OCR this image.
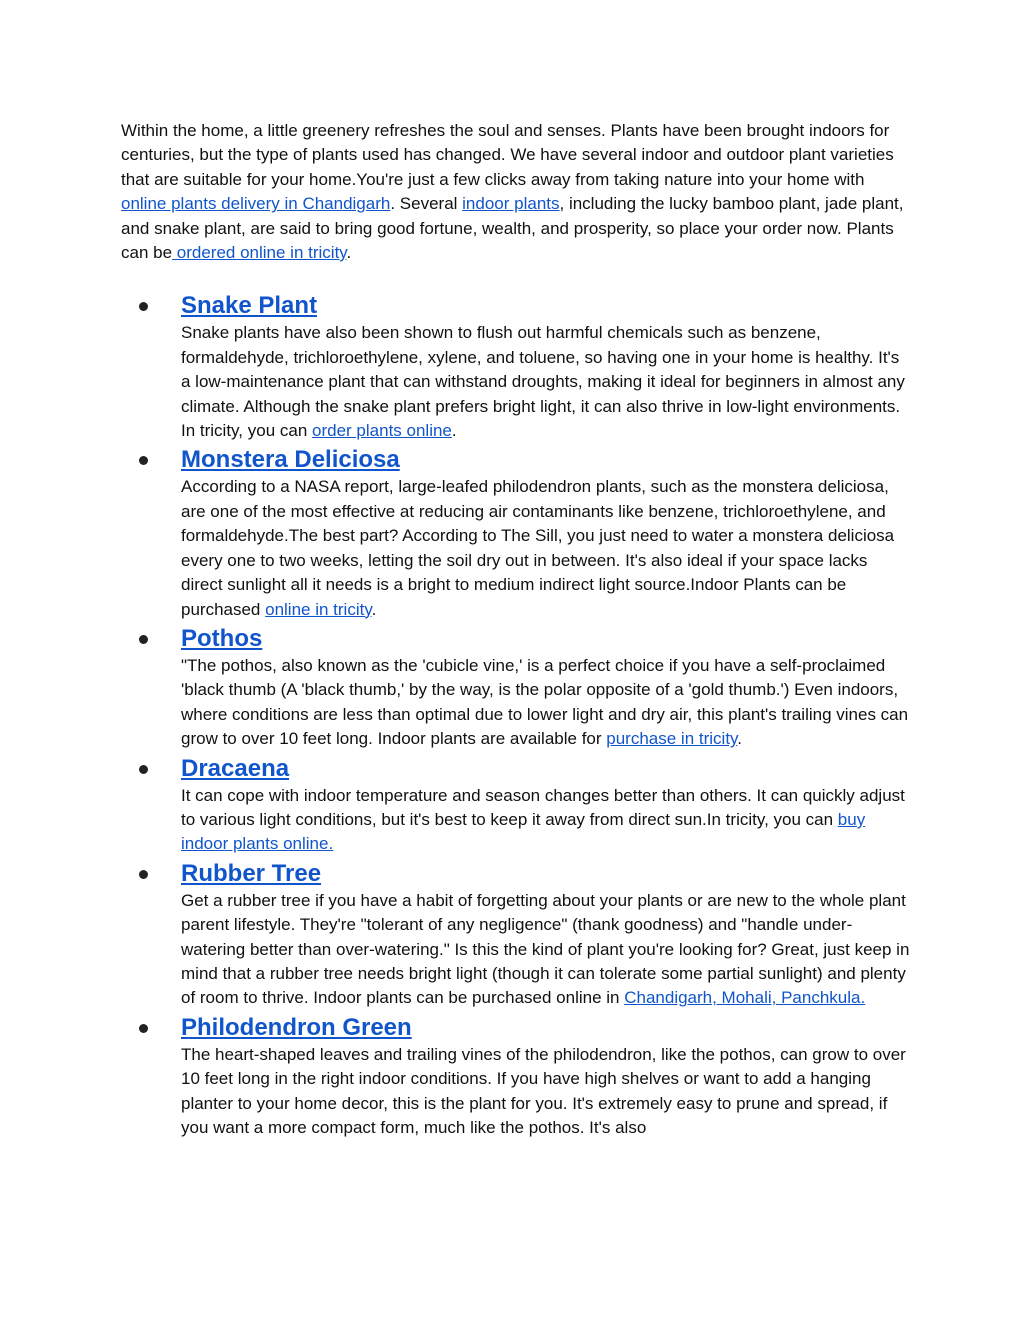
Within the home, a little greenery refreshes the soul and senses. Plants have been brought indoors for centuries, but the type of plants used has changed. We have several indoor and outdoor plant varieties that are suitable for your home.You're just a few clicks away from taking nature into your home with online plants delivery in Chandigarh. Several indoor plants, including the lucky bamboo plant, jade plant, and snake plant, are said to bring good fortune, wealth, and prosperity, so place your order now. Plants can be ordered online in tricity.

Snake Plant

Snake plants have also been shown to flush out harmful chemicals such as benzene, formaldehyde, trichloroethylene, xylene, and toluene, so having one in your home is healthy. It's a low-maintenance plant that can withstand droughts, making it ideal for beginners in almost any climate. Although the snake plant prefers bright light, it can also thrive in low-light environments. In tricity, you can order plants online.

Monstera Deliciosa

According to a NASA report, large-leafed philodendron plants, such as the monstera deliciosa, are one of the most effective at reducing air contaminants like benzene, trichloroethylene, and formaldehyde.The best part? According to The Sill, you just need to water a monstera deliciosa every one to two weeks, letting the soil dry out in between. It's also ideal if your space lacks direct sunlight all it needs is a bright to medium indirect light source.Indoor Plants can be purchased online in tricity.

Pothos

"The pothos, also known as the 'cubicle vine,' is a perfect choice if you have a self-proclaimed 'black thumb (A 'black thumb,' by the way, is the polar opposite of a 'gold thumb.') Even indoors, where conditions are less than optimal due to lower light and dry air, this plant's trailing vines can grow to over 10 feet long. Indoor plants are available for purchase in tricity.

Dracaena

It can cope with indoor temperature and season changes better than others. It can quickly adjust to various light conditions, but it's best to keep it away from direct sun.In tricity, you can buy indoor plants online.

Rubber Tree

Get a rubber tree if you have a habit of forgetting about your plants or are new to the whole plant parent lifestyle. They're "tolerant of any negligence" (thank goodness) and "handle under-watering better than over-watering." Is this the kind of plant you're looking for? Great, just keep in mind that a rubber tree needs bright light (though it can tolerate some partial sunlight) and plenty of room to thrive. Indoor plants can be purchased online in Chandigarh, Mohali, Panchkula.

Philodendron Green

The heart-shaped leaves and trailing vines of the philodendron, like the pothos, can grow to over 10 feet long in the right indoor conditions. If you have high shelves or want to add a hanging planter to your home decor, this is the plant for you. It's extremely easy to prune and spread, if you want a more compact form, much like the pothos. It's also
